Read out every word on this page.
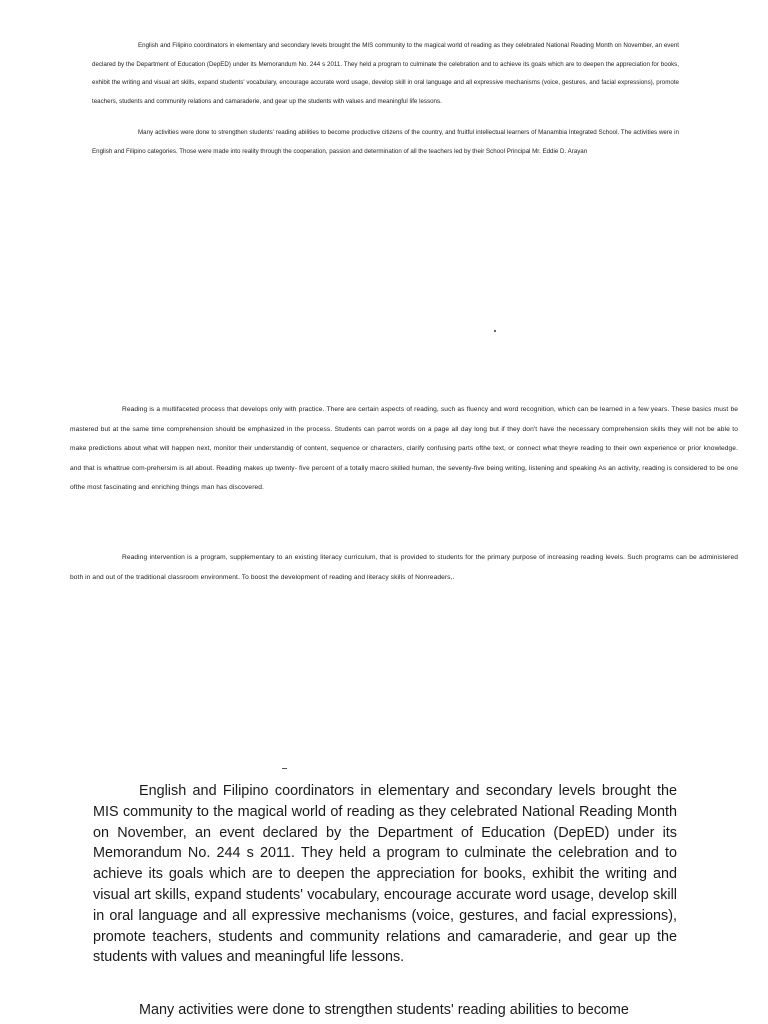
English and Filipino coordinators in elementary and secondary levels brought the MIS community to the magical world of reading as they celebrated National Reading Month on November, an event declared by the Department of Education (DepED) under its Memorandum No. 244 s 2011. They held a program to culminate the celebration and to achieve its goals which are to deepen the appreciation for books, exhibit the writing and visual art skills, expand students' vocabulary, encourage accurate word usage, develop skill in oral language and all expressive mechanisms (voice, gestures, and facial expressions), promote teachers, students and community relations and camaraderie, and gear up the students with values and meaningful life lessons.

Many activities were done to strengthen students' reading abilities to become productive citizens of the country, and fruitful intellectual learners of Manambia Integrated School. The activities were in English and Filipino categories. Those were made into reality through the cooperation, passion and determination of all the teachers led by their School Principal Mr. Eddie D. Arayan

Reading is a multifaceted process that develops only with practice. There are certain aspects of reading, such as fluency and word recognition, which can be learned in a few years. These basics must be mastered but at the same time comprehension should be emphasized in the process. Students can parrot words on a page all day long but if they don't have the necessary comprehension skills they will not be able to make predictions about what will happen next, monitor their understandig of content, sequence or characters, clarify confusing parts ofthe text, or connect what theyre reading to their own experience or prior knowledge. and that is whattrue com-prehersim is all about. Reading makes up twenty- five percent of a totally macro skilled human, the seventy-five being writing, listening and speaking As an activity, reading is considered to be one ofthe most fascinating and enriching things man has discovered.

Reading intervention is a program, supplementary to an existing literacy curriculum, that is provided to students for the primary purpose of increasing reading levels. Such programs can be administered both in and out of the traditional classroom environment. To boost the development of reading and literacy skills of Nonreaders,.

English and Filipino coordinators in elementary and secondary levels brought the MIS community to the magical world of reading as they celebrated National Reading Month on November, an event declared by the Department of Education (DepED) under its Memorandum No. 244 s 2011. They held a program to culminate the celebration and to achieve its goals which are to deepen the appreciation for books, exhibit the writing and visual art skills, expand students' vocabulary, encourage accurate word usage, develop skill in oral language and all expressive mechanisms (voice, gestures, and facial expressions), promote teachers, students and community relations and camaraderie, and gear up the students with values and meaningful life lessons.

Many activities were done to strengthen students' reading abilities to become
